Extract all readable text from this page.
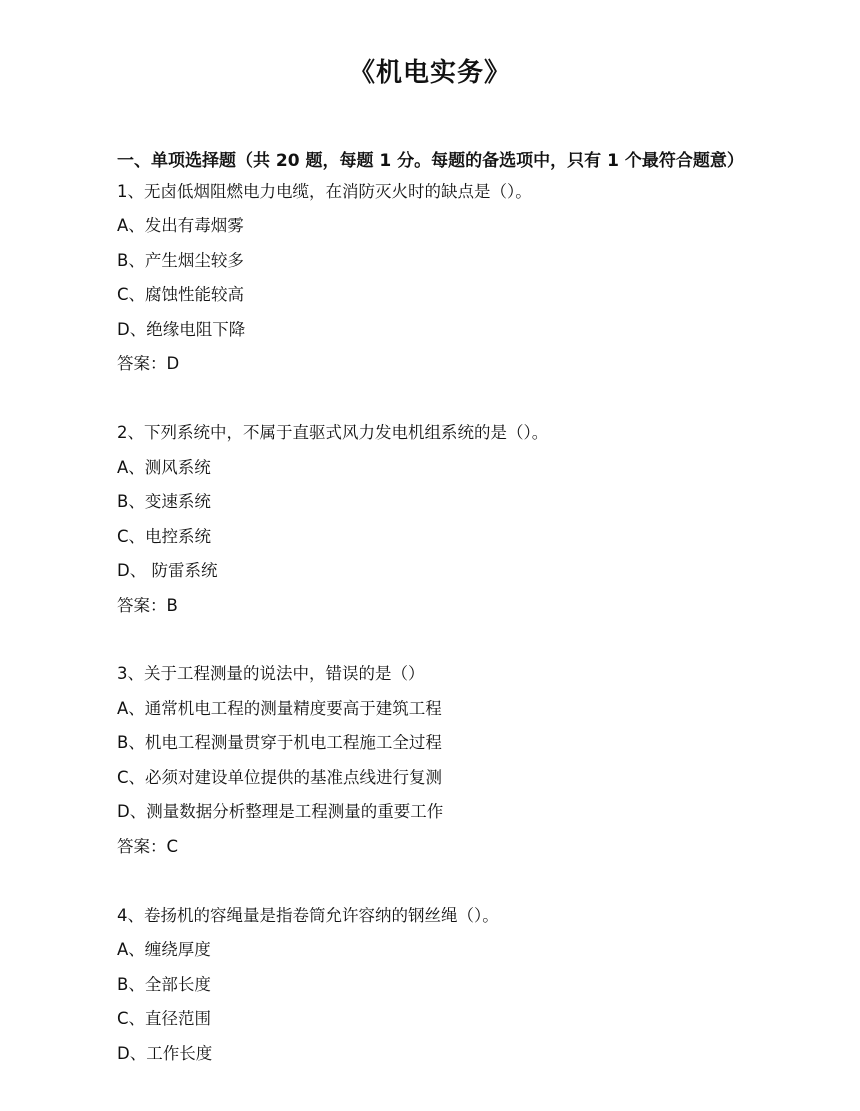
《机电实务》
一、单项选择题（共 20 题，每题 1 分。每题的备选项中，只有 1 个最符合题意）
1、无卤低烟阻燃电力电缆，在消防灭火时的缺点是（）。
A、发出有毒烟雾
B、产生烟尘较多
C、腐蚀性能较高
D、绝缘电阻下降
答案：D
2、下列系统中，不属于直驱式风力发电机组系统的是（）。
A、测风系统
B、变速系统
C、电控系统
D、 防雷系统
答案：B
3、关于工程测量的说法中，错误的是（）
A、通常机电工程的测量精度要高于建筑工程
B、机电工程测量贯穿于机电工程施工全过程
C、必须对建设单位提供的基准点线进行复测
D、测量数据分析整理是工程测量的重要工作
答案：C
4、卷扬机的容绳量是指卷筒允许容纳的钢丝绳（）。
A、缠绕厚度
B、全部长度
C、直径范围
D、工作长度
